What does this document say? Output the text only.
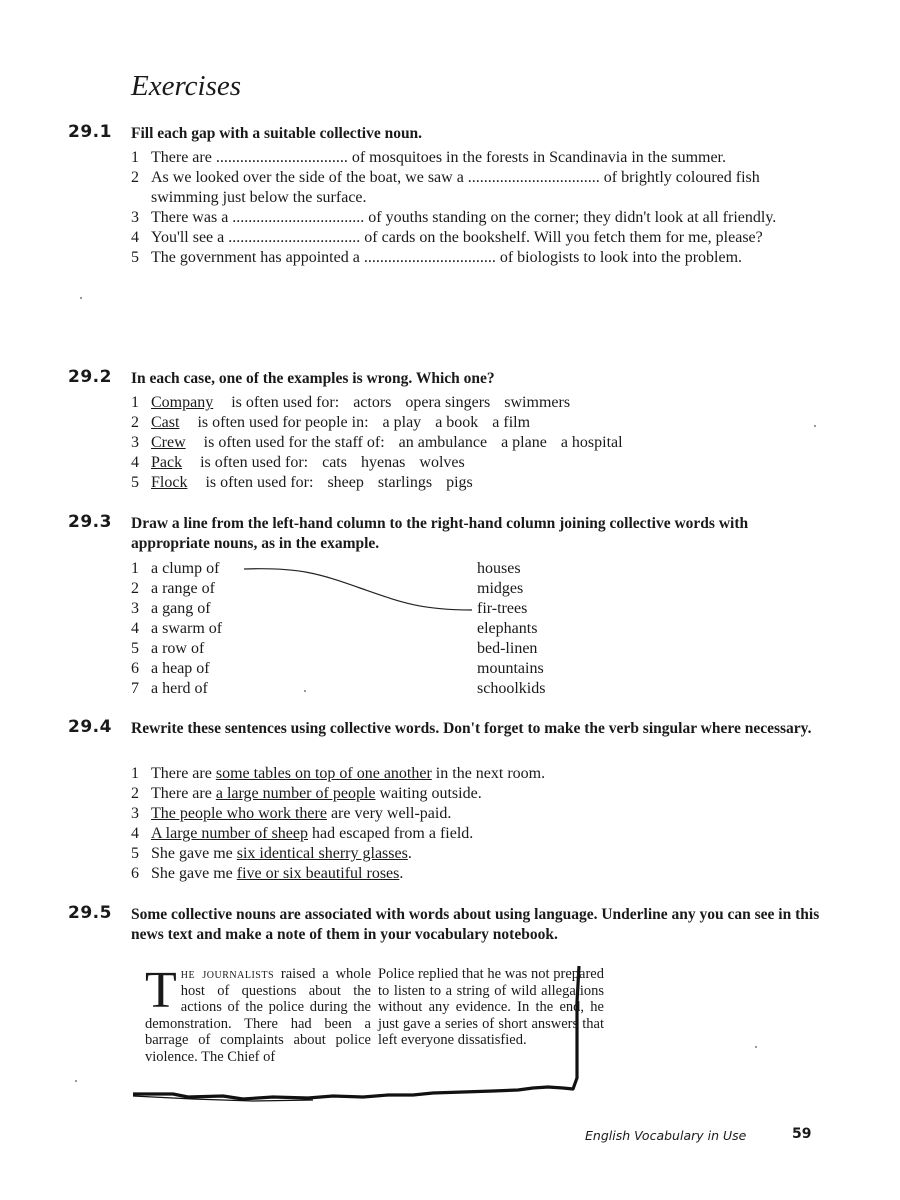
Exercises
29.1 Fill each gap with a suitable collective noun.
1 There are ................................. of mosquitoes in the forests in Scandinavia in the summer.
2 As we looked over the side of the boat, we saw a ................................. of brightly coloured fish swimming just below the surface.
3 There was a ................................. of youths standing on the corner; they didn't look at all friendly.
4 You'll see a ................................. of cards on the bookshelf. Will you fetch them for me, please?
5 The government has appointed a ................................. of biologists to look into the problem.
29.2 In each case, one of the examples is wrong. Which one?
1 Company is often used for: actors opera singers swimmers
2 Cast is often used for people in: a play a book a film
3 Crew is often used for the staff of: an ambulance a plane a hospital
4 Pack is often used for: cats hyenas wolves
5 Flock is often used for: sheep starlings pigs
29.3 Draw a line from the left-hand column to the right-hand column joining collective words with appropriate nouns, as in the example.
1 a clump of
2 a range of
3 a gang of
4 a swarm of
5 a row of
6 a heap of
7 a herd of
houses
midges
fir-trees
elephants
bed-linen
mountains
schoolkids
29.4 Rewrite these sentences using collective words. Don't forget to make the verb singular where necessary.
1 There are some tables on top of one another in the next room.
2 There are a large number of people waiting outside.
3 The people who work there are very well-paid.
4 A large number of sheep had escaped from a field.
5 She gave me six identical sherry glasses.
6 She gave me five or six beautiful roses.
29.5 Some collective nouns are associated with words about using language. Underline any you can see in this news text and make a note of them in your vocabulary notebook.
The journalists raised a whole host of questions about the actions of the police during the demonstration. There had been a barrage of complaints about police violence. The Chief of
Police replied that he was not prepared to listen to a string of wild allegations without any evidence. In the end, he just gave a series of short answers that left everyone dissatisfied.
English Vocabulary in Use	59
